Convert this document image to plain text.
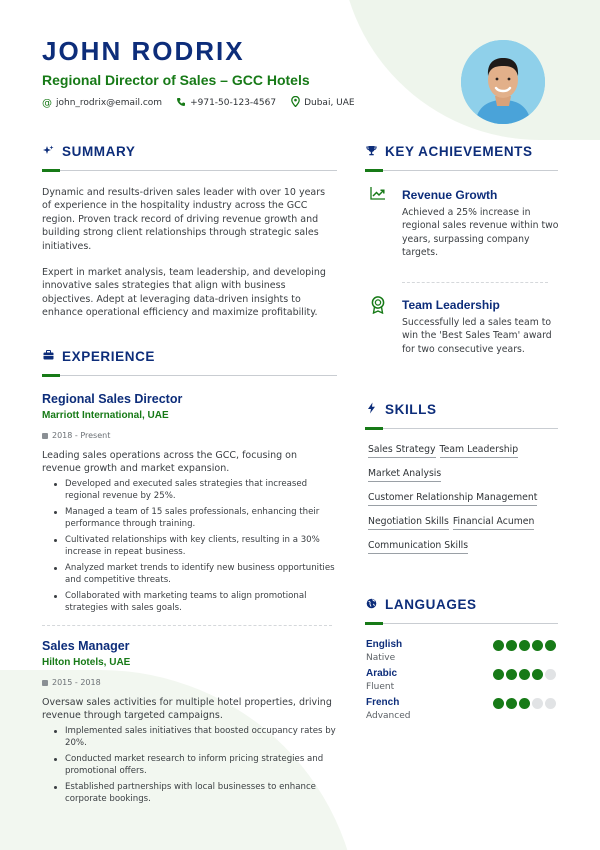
JOHN RODRIX
Regional Director of Sales – GCC Hotels
@ john_rodrix@email.com	+971-50-123-4567	Dubai, UAE
SUMMARY

Dynamic and results-driven sales leader with over 10 years of experience in the hospitality industry across the GCC region. Proven track record of driving revenue growth and building strong client relationships through strategic sales initiatives.

Expert in market analysis, team leadership, and developing innovative sales strategies that align with business objectives. Adept at leveraging data-driven insights to enhance operational efficiency and maximize profitability.

EXPERIENCE
Regional Sales Director
Marriott International, UAE
2018 - Present
Leading sales operations across the GCC, focusing on revenue growth and market expansion.
Developed and executed sales strategies that increased regional revenue by 25%.
Managed a team of 15 sales professionals, enhancing their performance through training.
Cultivated relationships with key clients, resulting in a 30% increase in repeat business.
Analyzed market trends to identify new business opportunities and competitive threats.
Collaborated with marketing teams to align promotional strategies with sales goals.
Sales Manager
Hilton Hotels, UAE
2015 - 2018
Oversaw sales activities for multiple hotel properties, driving revenue through targeted campaigns.
Implemented sales initiatives that boosted occupancy rates by 20%.
Conducted market research to inform pricing strategies and promotional offers.
Established partnerships with local businesses to enhance corporate bookings.
KEY ACHIEVEMENTS
Revenue Growth
Achieved a 25% increase in regional sales revenue within two years, surpassing company targets.
Team Leadership
Successfully led a sales team to win the 'Best Sales Team' award for two consecutive years.
SKILLS
Sales Strategy Team Leadership
Market Analysis
Customer Relationship Management
Negotiation Skills Financial Acumen
Communication Skills
LANGUAGES
English
Native
Arabic
Fluent
French
Advanced
